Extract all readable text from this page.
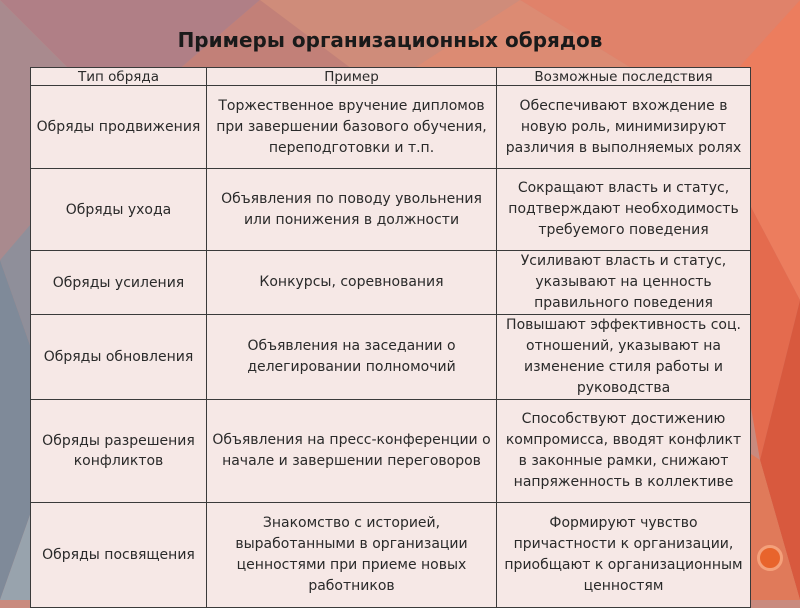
Примеры организационных обрядов
Тип обряда	Пример	Возможные последствия
Обряды продвижения	Торжественное вручение дипломов при завершении базового обучения, переподготовки и т.п.	Обеспечивают вхождение в новую роль, минимизируют различия в выполняемых ролях
Обряды ухода	Объявления по поводу увольнения или понижения в должности	Сокращают власть и статус, подтверждают необходимость требуемого поведения
Обряды усиления	Конкурсы, соревнования	Усиливают власть и статус, указывают на ценность правильного поведения
Обряды обновления	Объявления на заседании о делегировании полномочий	Повышают эффективность соц. отношений, указывают на изменение стиля работы и руководства
Обряды разрешения конфликтов	Объявления на пресс-конференции о начале и завершении переговоров	Способствуют достижению компромисса, вводят конфликт в законные рамки, снижают напряженность в коллективе
Обряды посвящения	Знакомство с историей, выработанными в организации ценностями при приеме новых работников	Формируют чувство причастности к организации, приобщают к организационным ценностям
